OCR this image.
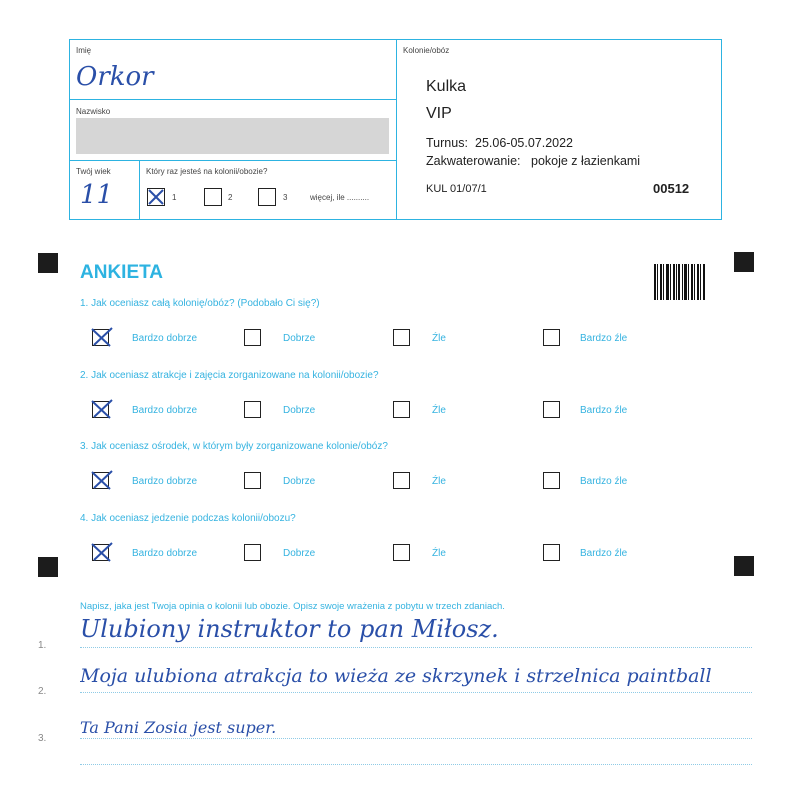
Imię
Orkor
Nazwisko
Twój wiek
11
Który raz jesteś na kolonii/obozie?
1	2	3	więcej, ile ..........
Kolonie/obóz
Kulka
VIP
Turnus: 25.06-05.07.2022
Zakwaterowanie: pokoje z łazienkami
KUL 01/07/1	00512
ANKIETA
1. Jak oceniasz całą kolonię/obóz? (Podobało Ci się?)
Bardzo dobrze	Dobrze	Źle	Bardzo źle
2. Jak oceniasz atrakcje i zajęcia zorganizowane na kolonii/obozie?
Bardzo dobrze	Dobrze	Źle	Bardzo źle
3. Jak oceniasz ośrodek, w którym były zorganizowane kolonie/obóz?
Bardzo dobrze	Dobrze	Źle	Bardzo źle
4. Jak oceniasz jedzenie podczas kolonii/obozu?
Bardzo dobrze	Dobrze	Źle	Bardzo źle
Napisz, jaka jest Twoja opinia o kolonii lub obozie. Opisz swoje wrażenia z pobytu w trzech zdaniach.
1.
2.
3.
Ulubiony instruktor to pan Miłosz.
Moja ulubiona atrakcja to wieża ze skrzynek i strzelnica paintball
Ta Pani Zosia jest super.
